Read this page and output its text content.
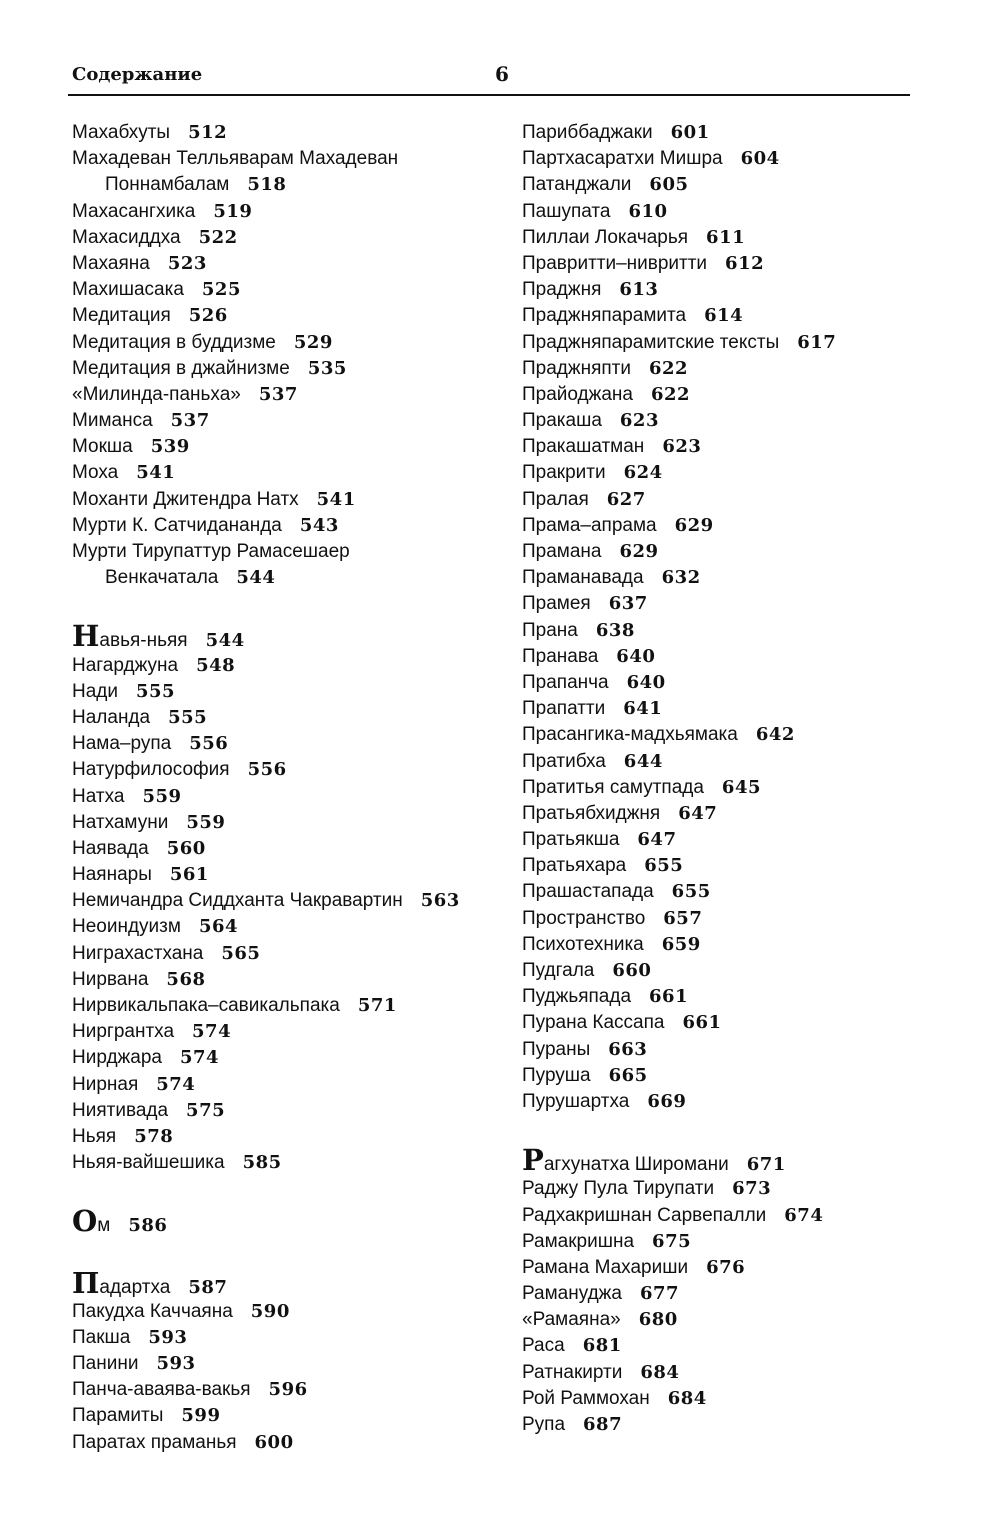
Содержание	6
Махабхуты 512
Махадеван Телльяварам Махадеван
Поннамбалам 518
Махасангхика 519
Махасиддха 522
Махаяна 523
Махишасака 525
Медитация 526
Медитация в буддизме 529
Медитация в джайнизме 535
«Милинда-паньха» 537
Миманса 537
Мокша 539
Моха 541
Моханти Джитендра Натх 541
Мурти К. Сатчидананда 543
Мурти Тирупаттур Рамасешаер
Венкачатала 544
Навья-ньяя 544
Нагарджуна 548
Нади 555
Наланда 555
Нама–рупа 556
Натурфилософия 556
Натха 559
Натхамуни 559
Наявада 560
Наянары 561
Немичандра Сиддханта Чакравартин 563
Неоиндуизм 564
Ниграхастхана 565
Нирвана 568
Нирвикальпака–савикальпака 571
Ниргрантха 574
Нирджара 574
Нирная 574
Ниятивада 575
Ньяя 578
Ньяя-вайшешика 585
Ом 586
Падартха 587
Пакудха Каччаяна 590
Пакша 593
Панини 593
Панча-аваява-вакья 596
Парамиты 599
Паратах праманья 600
Париббаджаки 601
Партхасаратхи Мишра 604
Патанджали 605
Пашупата 610
Пиллаи Локачарья 611
Правритти–нивритти 612
Праджня 613
Праджняпарамита 614
Праджняпарамитские тексты 617
Праджняпти 622
Прайоджана 622
Пракаша 623
Пракашатман 623
Пракрити 624
Пралая 627
Прама–апрама 629
Прамана 629
Праманавада 632
Прамея 637
Прана 638
Пранава 640
Прапанча 640
Прапатти 641
Прасангика-мадхьямака 642
Пратибха 644
Пратитья самутпада 645
Пратьябхиджня 647
Пратьякша 647
Пратьяхара 655
Прашастапада 655
Пространство 657
Психотехника 659
Пудгала 660
Пуджьяпада 661
Пурана Кассапа 661
Пураны 663
Пуруша 665
Пурушартха 669
Рагхунатха Широмани 671
Раджу Пула Тирупати 673
Радхакришнан Сарвепалли 674
Рамакришна 675
Рамана Махариши 676
Рамануджа 677
«Рамаяна» 680
Раса 681
Ратнакирти 684
Рой Раммохан 684
Рупа 687
